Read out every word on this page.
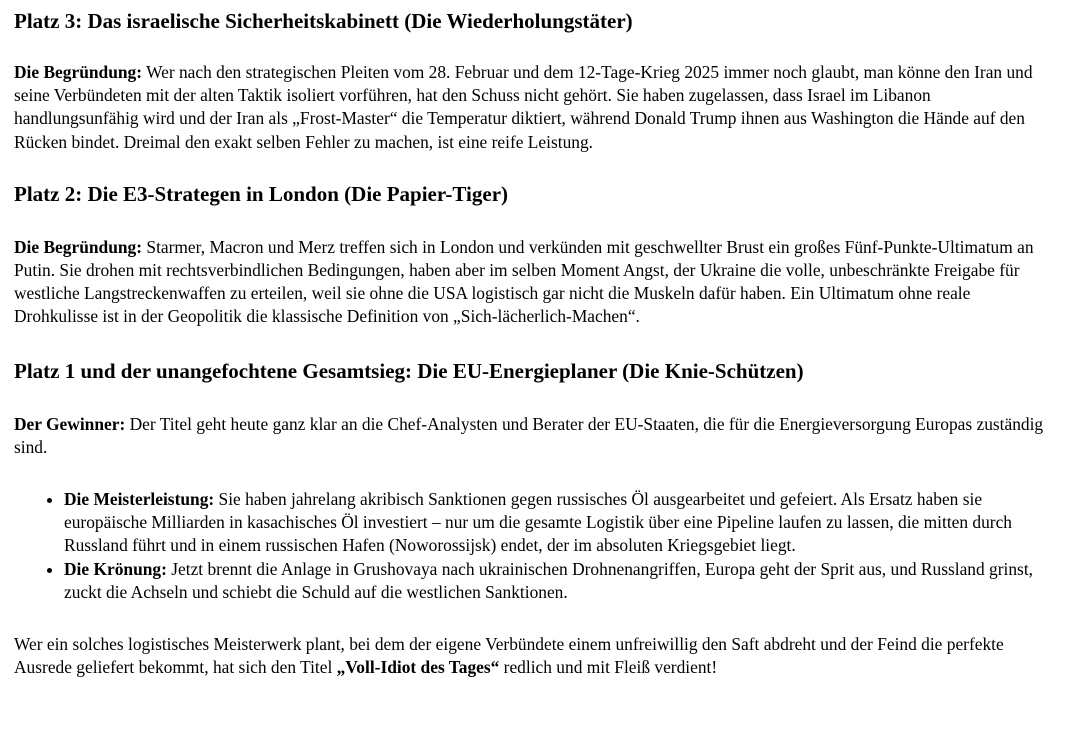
Platz 3: Das israelische Sicherheitskabinett (Die Wiederholungstäter)

Die Begründung: Wer nach den strategischen Pleiten vom 28. Februar und dem 12-Tage-Krieg 2025 immer noch glaubt, man könne den Iran und seine Verbündeten mit der alten Taktik isoliert vorführen, hat den Schuss nicht gehört. Sie haben zugelassen, dass Israel im Libanon handlungsunfähig wird und der Iran als „Frost-Master“ die Temperatur diktiert, während Donald Trump ihnen aus Washington die Hände auf den Rücken bindet. Dreimal den exakt selben Fehler zu machen, ist eine reife Leistung.

Platz 2: Die E3-Strategen in London (Die Papier-Tiger)

Die Begründung: Starmer, Macron und Merz treffen sich in London und verkünden mit geschwellter Brust ein großes Fünf-Punkte-Ultimatum an Putin. Sie drohen mit rechtsverbindlichen Bedingungen, haben aber im selben Moment Angst, der Ukraine die volle, unbeschränkte Freigabe für westliche Langstreckenwaffen zu erteilen, weil sie ohne die USA logistisch gar nicht die Muskeln dafür haben. Ein Ultimatum ohne reale Drohkulisse ist in der Geopolitik die klassische Definition von „Sich-lächerlich-Machen“.

Platz 1 und der unangefochtene Gesamtsieg: Die EU-Energieplaner (Die Knie-Schützen)

Der Gewinner: Der Titel geht heute ganz klar an die Chef-Analysten und Berater der EU-Staaten, die für die Energieversorgung Europas zuständig sind.

• Die Meisterleistung: Sie haben jahrelang akribisch Sanktionen gegen russisches Öl ausgearbeitet und gefeiert. Als Ersatz haben sie europäische Milliarden in kasachisches Öl investiert – nur um die gesamte Logistik über eine Pipeline laufen zu lassen, die mitten durch Russland führt und in einem russischen Hafen (Noworossijsk) endet, der im absoluten Kriegsgebiet liegt.
• Die Krönung: Jetzt brennt die Anlage in Grushovaya nach ukrainischen Drohnenangriffen, Europa geht der Sprit aus, und Russland grinst, zuckt die Achseln und schiebt die Schuld auf die westlichen Sanktionen.

Wer ein solches logistisches Meisterwerk plant, bei dem der eigene Verbündete einem unfreiwillig den Saft abdreht und der Feind die perfekte Ausrede geliefert bekommt, hat sich den Titel „Voll-Idiot des Tages“ redlich und mit Fleiß verdient!
